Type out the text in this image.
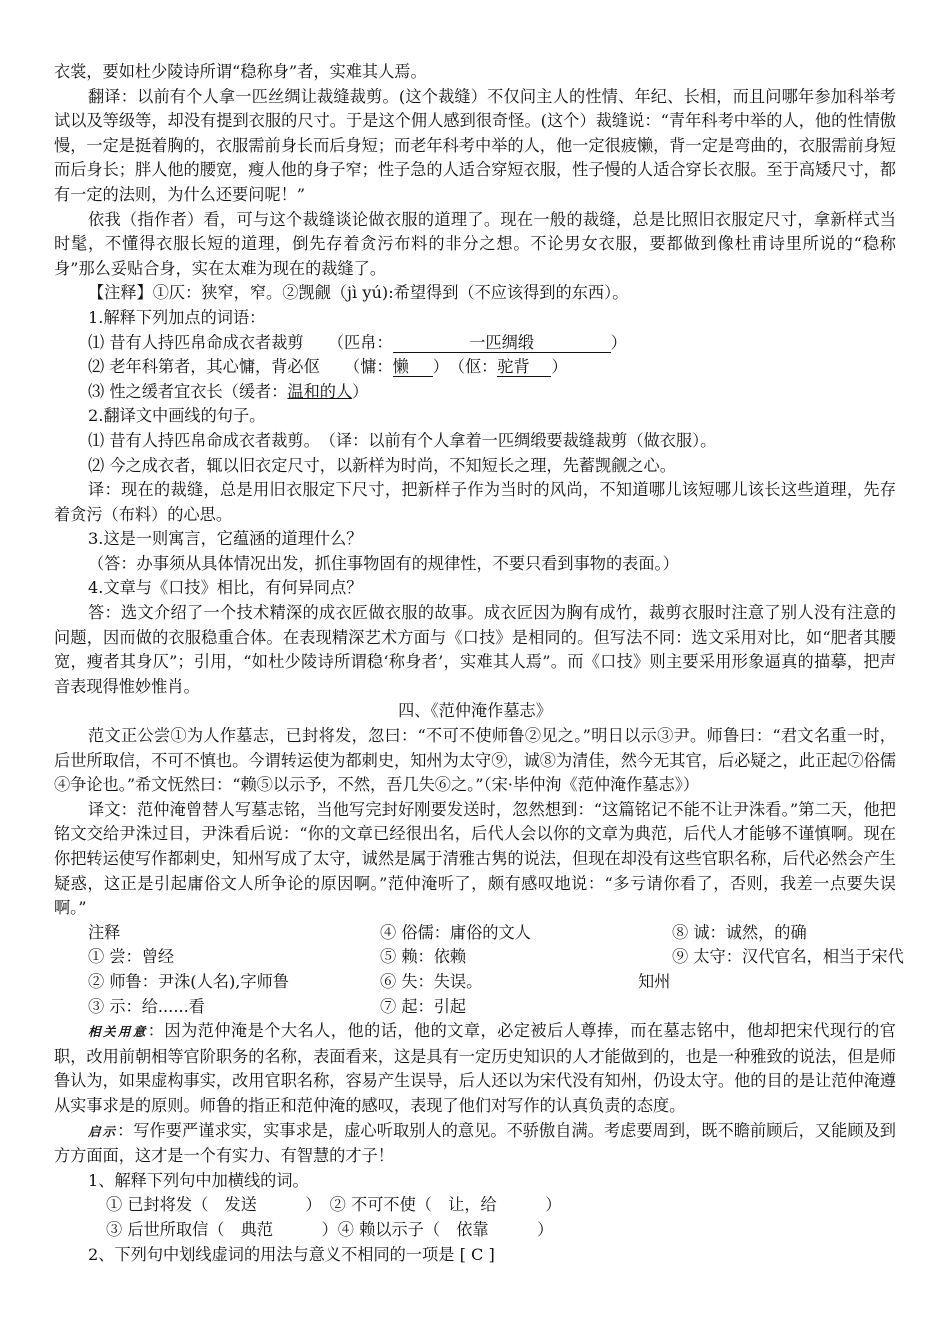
衣裳，要如杜少陵诗所谓“稳称身”者，实难其人焉。

翻译：以前有个人拿一匹丝绸让裁缝裁剪。(这个裁缝）不仅问主人的性情、年纪、长相，而且问哪年参加科举考试以及等级等，却没有提到衣服的尺寸。于是这个佣人感到很奇怪。(这个）裁缝说：“青年科考中举的人，他的性情傲慢，一定是挺着胸的，衣服需前身长而后身短；而老年科考中举的人，他一定很疲懒，背一定是弯曲的，衣服需前身短而后身长；胖人他的腰宽，瘦人他的身子窄；性子急的人适合穿短衣服，性子慢的人适合穿长衣服。至于高矮尺寸，都有一定的法则，为什么还要问呢！”

依我（指作者）看，可与这个裁缝谈论做衣服的道理了。现在一般的裁缝，总是比照旧衣服定尺寸，拿新样式当时髦，不懂得衣服长短的道理，倒先存着贪污布料的非分之想。不论男女衣服，要都做到像杜甫诗里所说的“稳称身”那么妥贴合身，实在太难为现在的裁缝了。

【注释】①仄：狭窄，窄。②觊觎（jì yú):希望得到（不应该得到的东西）。

1.解释下列加点的词语：

⑴ 昔有人持匹帛命成衣者裁剪　　（匹帛：	一匹绸缎	）

⑵ 老年科第者，其心慵，背必伛　　（慵：懒 ）　（伛：驼背 ）

⑶ 性之缓者宜衣长（缓者：温和的人）

2.翻译文中画线的句子。

⑴ 昔有人持匹帛命成衣者裁剪。　（译：以前有个人拿着一匹绸缎要裁缝裁剪（做衣服）。

⑵ 今之成衣者，辄以旧衣定尺寸，以新样为时尚，不知短长之理，先蓄觊觎之心。

译：现在的裁缝，总是用旧衣服定下尺寸，把新样子作为当时的风尚，不知道哪儿该短哪儿该长这些道理，先存着贪污（布料）的心思。

3.这是一则寓言，它蕴涵的道理什么？

（答：办事须从具体情况出发，抓住事物固有的规律性，不要只看到事物的表面。）

4.文章与《口技》相比，有何异同点？

答：选文介绍了一个技术精深的成衣匠做衣服的故事。成衣匠因为胸有成竹，裁剪衣服时注意了别人没有注意的问题，因而做的衣服稳重合体。在表现精深艺术方面与《口技》是相同的。但写法不同：选文采用对比，如“肥者其腰宽，瘦者其身仄”；引用，“如杜少陵诗所谓稳‘称身者’，实难其人焉”。而《口技》则主要采用形象逼真的描摹，把声音表现得惟妙惟肖。

四、《范仲淹作墓志》

范文正公尝①为人作墓志，已封将发，忽曰：“不可不使师鲁②见之。”明日以示③尹。师鲁曰：“君文名重一时，后世所取信，不可不慎也。今谓转运使为都刺史，知州为太守⑨，诚⑧为清佳，然今无其官，后必疑之，此正起⑦俗儒④争论也。”希文怃然曰：“赖⑤以示予，不然，吾几失⑥之。”（宋·毕仲洵《范仲淹作墓志》）

译文：范仲淹曾替人写墓志铭，当他写完封好刚要发送时，忽然想到：“这篇铭记不能不让尹洙看。”第二天，他把铭文交给尹洙过目，尹洙看后说：“你的文章已经很出名，后代人会以你的文章为典范，后代人才能够不谨慎啊。现在你把转运使写作都刺史，知州写成了太守，诚然是属于清雅古隽的说法，但现在却没有这些官职名称，后代必然会产生疑惑，这正是引起庸俗文人所争论的原因啊。”范仲淹听了，颇有感叹地说：“多亏请你看了，否则，我差一点要失误啊。”

注释	④ 俗儒：庸俗的文人	⑧ 诚：诚然，的确
① 尝：曾经	⑤ 赖：依赖	⑨ 太守：汉代官名，相当于宋代
② 师鲁：尹洙(人名),字师鲁	⑥ 失：失误。	知州
③ 示：给......看	⑦ 起：引起

相关用意：因为范仲淹是个大名人，他的话，他的文章，必定被后人尊捧，而在墓志铭中，他却把宋代现行的官职，改用前朝相等官阶职务的名称，表面看来，这是具有一定历史知识的人才能做到的，也是一种雅致的说法，但是师鲁认为，如果虚构事实，改用官职名称，容易产生误导，后人还以为宋代没有知州，仍设太守。他的目的是让范仲淹遵从实事求是的原则。师鲁的指正和范仲淹的感叹，表现了他们对写作的认真负责的态度。

启示：写作要严谨求实，实事求是，虚心听取别人的意见。不骄傲自满。考虑要周到，既不瞻前顾后，又能顾及到方方面面，这才是一个有实力、有智慧的才子！

1、解释下列句中加横线的词。

① 已封将发（　发送　　　）　② 不可不使（　让，给　　　）

③ 后世所取信（　典范　　　）④ 赖以示子（　依靠　　　）

2、下列句中划线虚词的用法与意义不相同的一项是 [ C ]
